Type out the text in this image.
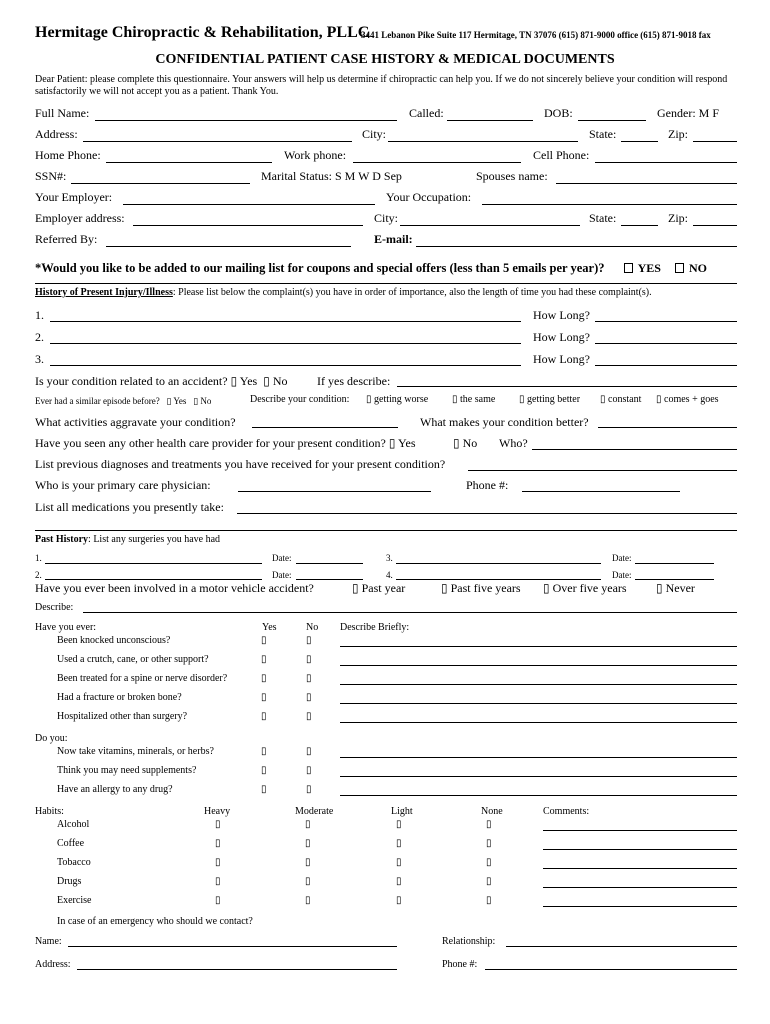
Hermitage Chiropractic & Rehabilitation, PLLC
3441 Lebanon Pike Suite 117 Hermitage, TN 37076 (615) 871-9000 office (615) 871-9018 fax
CONFIDENTIAL PATIENT CASE HISTORY & MEDICAL DOCUMENTS
Dear Patient: please complete this questionnaire. Your answers will help us determine if chiropractic can help you. If we do not sincerely believe your condition will respond
satisfactorily we will not accept you as a patient. Thank You.
Full Name:	Called:	DOB:	Gender: M F
Address:	City:	State:	Zip:
Home Phone:	Work phone:	Cell Phone:
SSN#:	Marital Status: S M W D Sep	Spouses name:
Your Employer:	Your Occupation:
Employer address:	City:	State:	Zip:
Referred By:	E-mail:
*Would you like to be added to our mailing list for coupons and special offers (less than 5 emails per year)?	YES	NO
History of Present Injury/Illness: Please list below the complaint(s) you have in order of importance, also the length of time you had these complaint(s).
1.	How Long?
2.	How Long?
3.	How Long?
Is your condition related to an accident? ▯ Yes ▯ No If yes describe:
Ever had a similar episode before? ▯ Yes ▯ No	Describe your condition: ▯ getting worse ▯ the same ▯ getting better ▯ constant ▯ comes + goes
What activities aggravate your condition?	What makes your condition better?
Have you seen any other health care provider for your present condition? ▯ Yes	▯ No Who?
List previous diagnoses and treatments you have received for your present condition?
Who is your primary care physician:	Phone #:
List all medications you presently take:
Past History: List any surgeries you have had
1.	Date:	3.	Date:
2.	Date:	4.	Date:
Have you ever been involved in a motor vehicle accident?	▯ Past year	▯ Past five years ▯ Over five years ▯ Never
Describe:
Have you ever:	Yes	No Describe Briefly:
Been knocked unconscious?	▯	▯
Used a crutch, cane, or other support?	▯	▯
Been treated for a spine or nerve disorder?	▯	▯
Had a fracture or broken bone?	▯	▯
Hospitalized other than surgery?	▯	▯
Do you:
Now take vitamins, minerals, or herbs?	▯	▯
Think you may need supplements?	▯	▯
Have an allergy to any drug?	▯	▯
Habits:	Heavy	Moderate	Light	None	Comments:
Alcohol	▯	▯	▯	▯
Coffee	▯	▯	▯	▯
Tobacco	▯	▯	▯	▯
Drugs	▯	▯	▯	▯
Exercise	▯	▯	▯	▯
In case of an emergency who should we contact?
Name:	Relationship:
Address:	Phone #:
